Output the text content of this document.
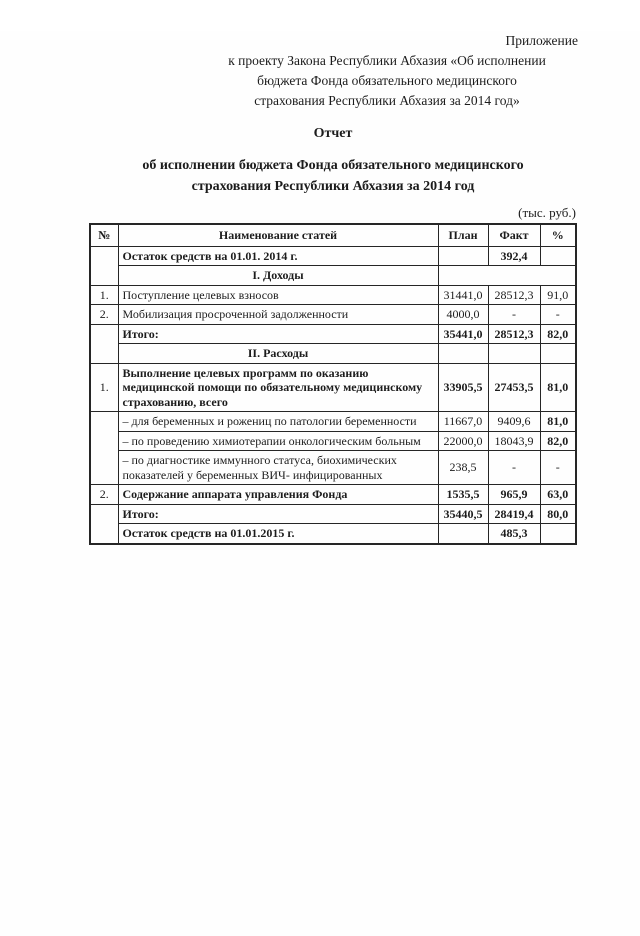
Приложение
к проекту Закона Республики Абхазия «Об исполнении
бюджета Фонда обязательного медицинского
страхования Республики Абхазия за 2014 год»
Отчет
об исполнении бюджета Фонда обязательного медицинского
страхования Республики Абхазия за 2014 год
(тыс. руб.)
№	Наименование статей	План	Факт	%
	Остаток средств на 01.01. 2014 г.		392,4	
	I. Доходы			
1.	Поступление целевых взносов	31441,0	28512,3	91,0
2.	Мобилизация просроченной задолженности	4000,0	-	-
	Итого:	35441,0	28512,3	82,0
	II. Расходы			
1.	Выполнение целевых программ по оказанию медицинской помощи по обязательному медицинскому страхованию, всего	33905,5	27453,5	81,0
	– для беременных и рожениц по патологии беременности	11667,0	9409,6	81,0
	– по проведению химиотерапии онкологическим больным	22000,0	18043,9	82,0
	– по диагностике иммунного статуса, биохимических показателей у беременных ВИЧ- инфицированных	238,5	-	-
2.	Содержание аппарата управления Фонда	1535,5	965,9	63,0
	Итого:	35440,5	28419,4	80,0
	Остаток средств на 01.01.2015 г.		485,3	
